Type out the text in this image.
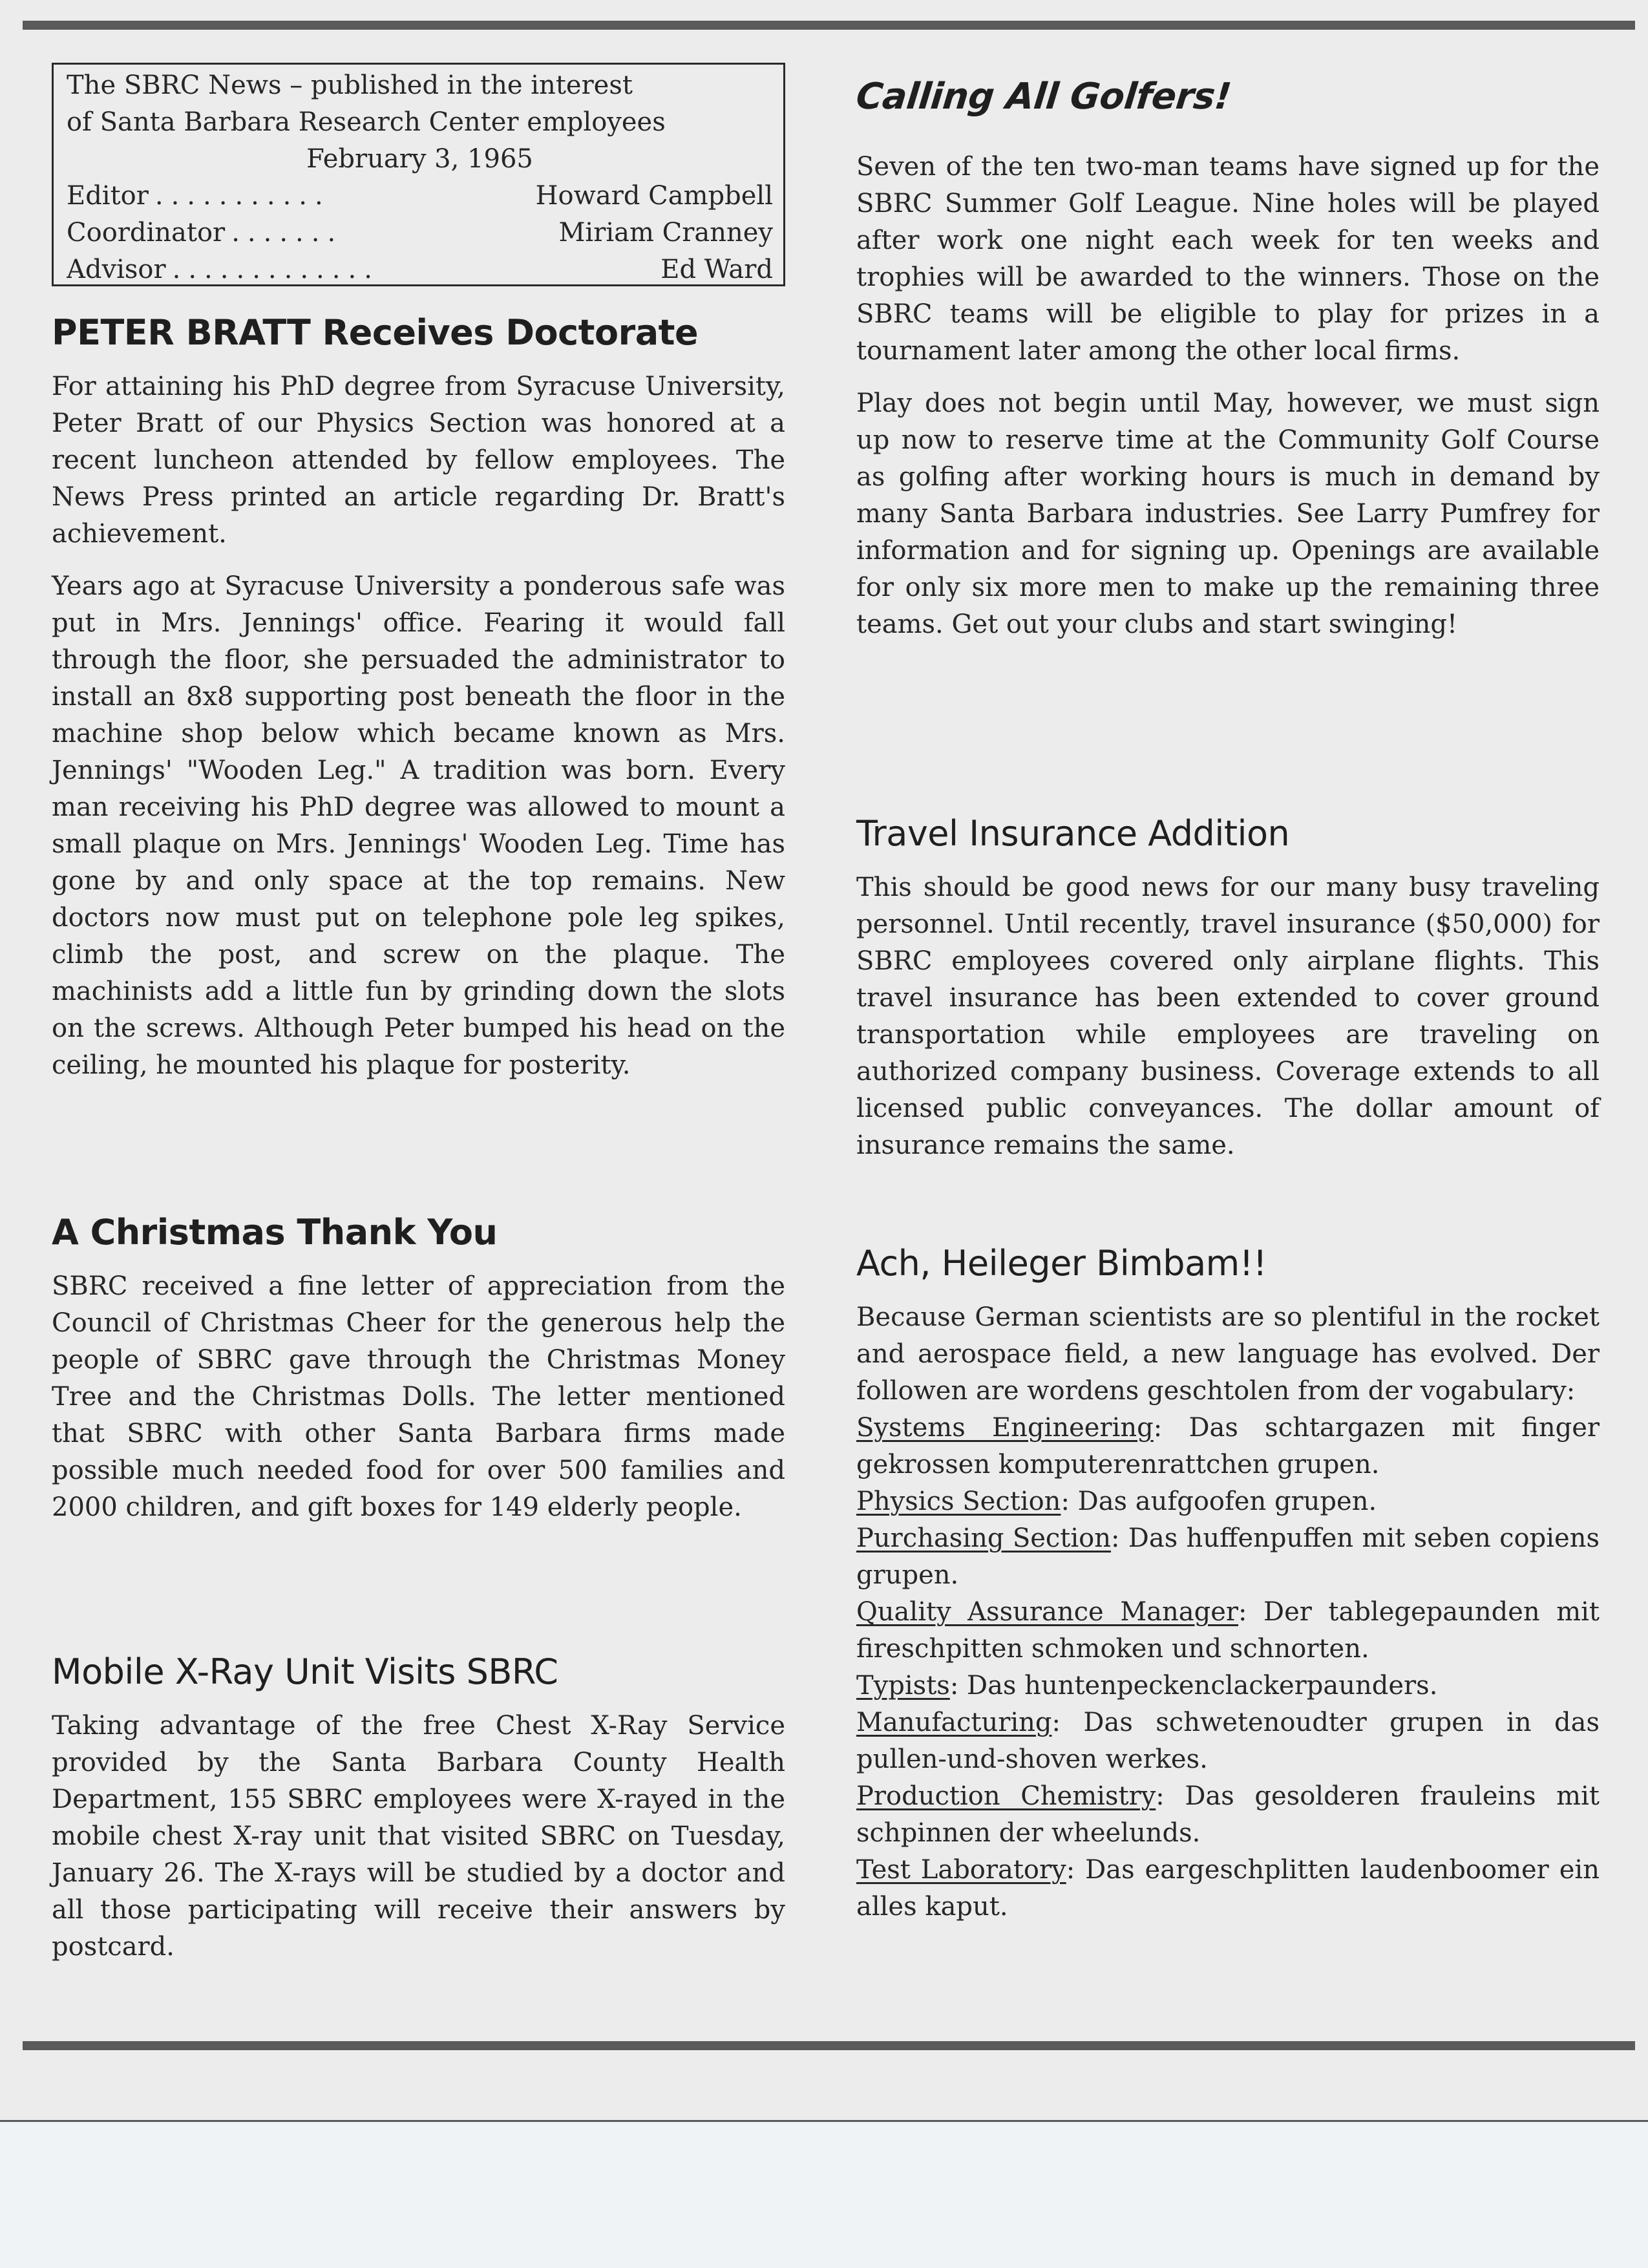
The SBRC News – published in the interest
of Santa Barbara Research Center employees
February 3, 1965
Editor ...........	Howard Campbell
Coordinator .......	Miriam Cranney
Advisor .............	Ed Ward
PETER BRATT Receives Doctorate

For attaining his PhD degree from Syracuse University, Peter Bratt of our Physics Section was honored at a recent luncheon attended by fellow employees. The News Press printed an article regarding Dr. Bratt's achievement.

Years ago at Syracuse University a ponderous safe was put in Mrs. Jennings' office. Fearing it would fall through the floor, she persuaded the administrator to install an 8x8 supporting post beneath the floor in the machine shop below which became known as Mrs. Jennings' "Wooden Leg." A tradition was born. Every man receiving his PhD degree was allowed to mount a small plaque on Mrs. Jennings' Wooden Leg. Time has gone by and only space at the top remains. New doctors now must put on telephone pole leg spikes, climb the post, and screw on the plaque. The machinists add a little fun by grinding down the slots on the screws. Although Peter bumped his head on the ceiling, he mounted his plaque for posterity.

A Christmas Thank You

SBRC received a fine letter of appreciation from the Council of Christmas Cheer for the generous help the people of SBRC gave through the Christmas Money Tree and the Christmas Dolls. The letter mentioned that SBRC with other Santa Barbara firms made possible much needed food for over 500 families and 2000 children, and gift boxes for 149 elderly people.

Mobile X-Ray Unit Visits SBRC

Taking advantage of the free Chest X-Ray Service provided by the Santa Barbara County Health Department, 155 SBRC employees were X-rayed in the mobile chest X-ray unit that visited SBRC on Tuesday, January 26. The X-rays will be studied by a doctor and all those participating will receive their answers by postcard.

Calling All Golfers!

Seven of the ten two-man teams have signed up for the SBRC Summer Golf League. Nine holes will be played after work one night each week for ten weeks and trophies will be awarded to the winners. Those on the SBRC teams will be eligible to play for prizes in a tournament later among the other local firms.

Play does not begin until May, however, we must sign up now to reserve time at the Community Golf Course as golfing after working hours is much in demand by many Santa Barbara industries. See Larry Pumfrey for information and for signing up. Openings are available for only six more men to make up the remaining three teams. Get out your clubs and start swinging!

Travel Insurance Addition

This should be good news for our many busy traveling personnel. Until recently, travel insurance ($50,000) for SBRC employees covered only airplane flights. This travel insurance has been extended to cover ground transportation while employees are traveling on authorized company business. Coverage extends to all licensed public conveyances. The dollar amount of insurance remains the same.

Ach, Heileger Bimbam!!

Because German scientists are so plentiful in the rocket and aerospace field, a new language has evolved. Der followen are wordens geschtolen from der vogabulary:

Systems Engineering: Das schtargazen mit finger gekrossen komputerenrattchen grupen.

Physics Section: Das aufgoofen grupen.

Purchasing Section: Das huffenpuffen mit seben copiens grupen.

Quality Assurance Manager: Der tablegepaunden mit fireschpitten schmoken und schnorten.

Typists: Das huntenpeckenclackerpaunders.

Manufacturing: Das schwetenoudter grupen in das pullen-und-shoven werkes.

Production Chemistry: Das gesolderen frauleins mit schpinnen der wheelunds.

Test Laboratory: Das eargeschplitten laudenboomer ein alles kaput.
